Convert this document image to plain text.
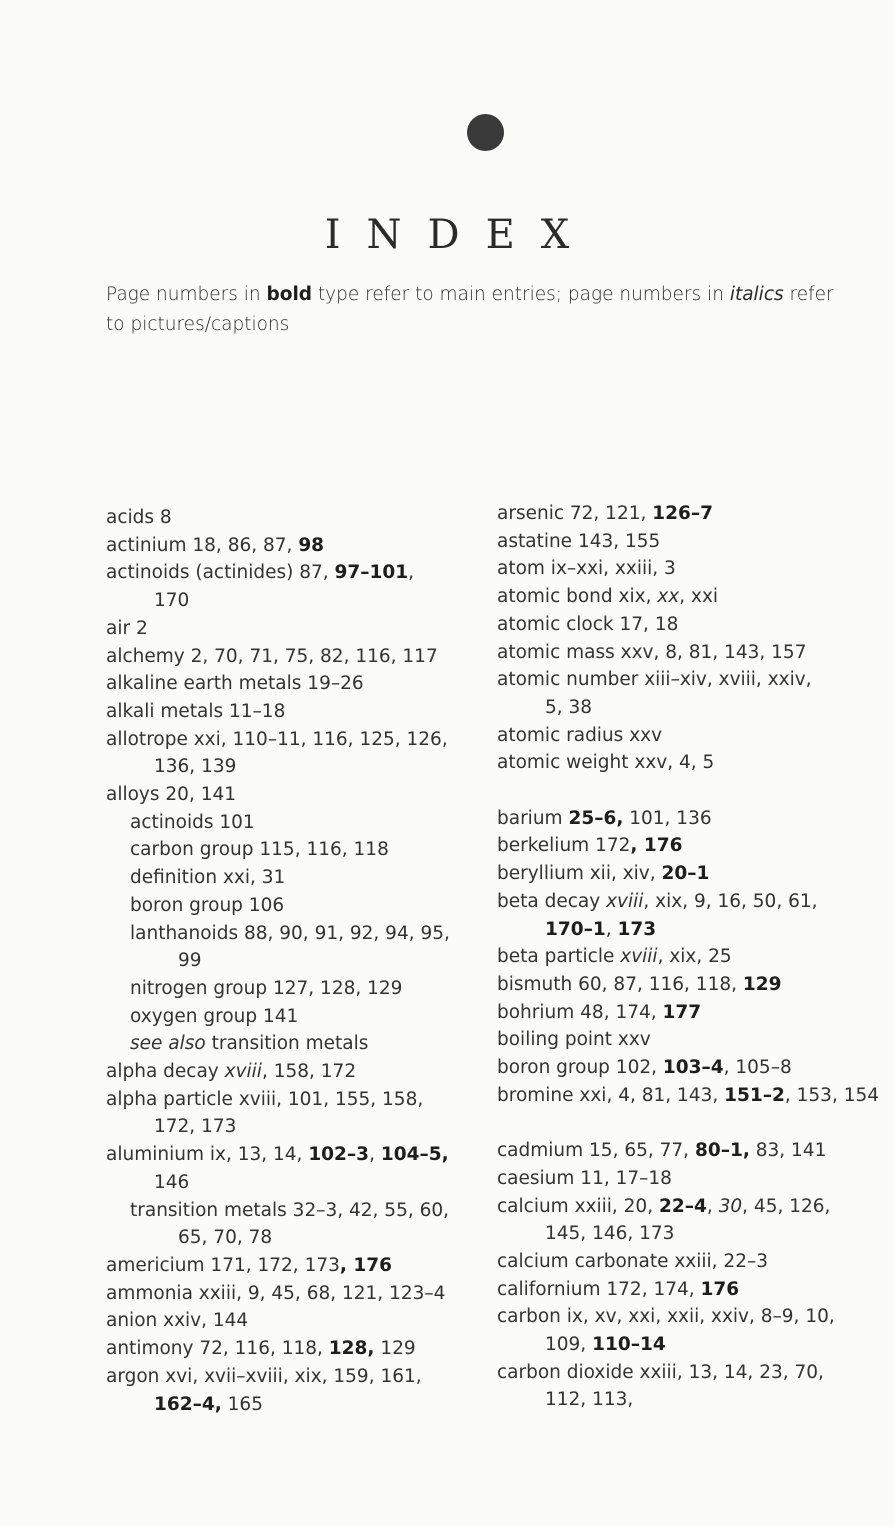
INDEX
Page numbers in bold type refer to main entries; page numbers in italics refer to pictures/captions
acids 8
actinium 18, 86, 87, 98
actinoids (actinides) 87, 97–101,
170
air 2
alchemy 2, 70, 71, 75, 82, 116, 117
alkaline earth metals 19–26
alkali metals 11–18
allotrope xxi, 110–11, 116, 125, 126,
136, 139
alloys 20, 141
actinoids 101
carbon group 115, 116, 118
definition xxi, 31
boron group 106
lanthanoids 88, 90, 91, 92, 94, 95,
99
nitrogen group 127, 128, 129
oxygen group 141
see also transition metals
alpha decay xviii, 158, 172
alpha particle xviii, 101, 155, 158,
172, 173
aluminium ix, 13, 14, 102–3, 104–5,
146
transition metals 32–3, 42, 55, 60,
65, 70, 78
americium 171, 172, 173, 176
ammonia xxiii, 9, 45, 68, 121, 123–4
anion xxiv, 144
antimony 72, 116, 118, 128, 129
argon xvi, xvii–xviii, xix, 159, 161,
162–4, 165
arsenic 72, 121, 126–7
astatine 143, 155
atom ix–xxi, xxiii, 3
atomic bond xix, xx, xxi
atomic clock 17, 18
atomic mass xxv, 8, 81, 143, 157
atomic number xiii–xiv, xviii, xxiv,
5, 38
atomic radius xxv
atomic weight xxv, 4, 5
barium 25–6, 101, 136
berkelium 172, 176
beryllium xii, xiv, 20–1
beta decay xviii, xix, 9, 16, 50, 61,
170–1, 173
beta particle xviii, xix, 25
bismuth 60, 87, 116, 118, 129
bohrium 48, 174, 177
boiling point xxv
boron group 102, 103–4, 105–8
bromine xxi, 4, 81, 143, 151–2, 153, 154
cadmium 15, 65, 77, 80–1, 83, 141
caesium 11, 17–18
calcium xxiii, 20, 22–4, 30, 45, 126,
145, 146, 173
calcium carbonate xxiii, 22–3
californium 172, 174, 176
carbon ix, xv, xxi, xxii, xxiv, 8–9, 10,
109, 110–14
carbon dioxide xxiii, 13, 14, 23, 70,
112, 113,
